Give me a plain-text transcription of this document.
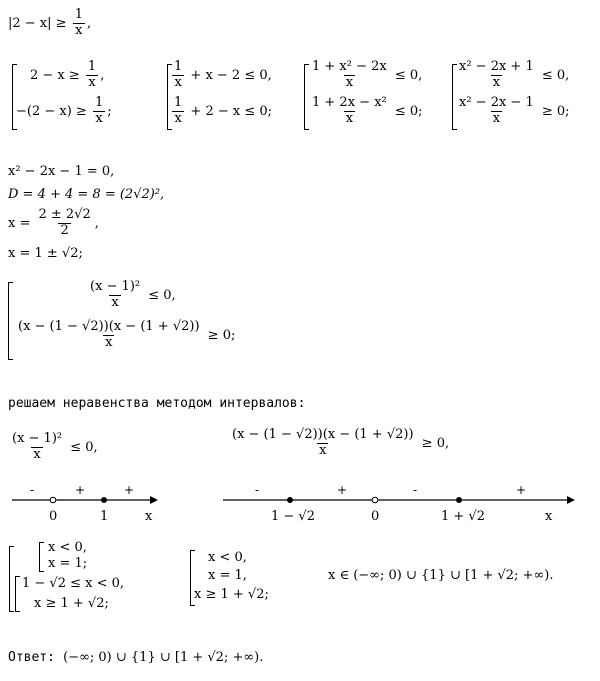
$|2 - x| \ge \frac{1}{x}$ ,
$2 - x \ge \frac{1}{x}$ ,
$-(2 - x) \ge \frac{1}{x}$ ;
$\frac{1}{x} + x - 2 \le 0$,
$\frac{1}{x} + 2 - x \le 0$;
$\frac{\text{1 + x² − 2x}}{x} \le 0$,
$\frac{\text{1 + 2x − x²}}{x} \le 0$;
$\frac{\text{x² − 2x + 1}}{x} \le 0$,
$\frac{\text{x² − 2x − 1}}{x} \ge 0$;
x² − 2x − 1 = 0,
D = 4 + 4 = 8 = (2√2)²,
$x = \frac{2 \pm 2√2}{2}$ ,
x = 1 ± √2;
$\frac{\text{(x − 1)²}}{x} \le 0$,
$\frac{(x - (1 - √2))(x - (1 + √2))}{x} \ge 0$;
решаем неравенства методом интервалов:
$\frac{\text{(x − 1)²}}{x} \le 0$,	$\frac{(x - (1 - √2))(x - (1 + √2))}{x} \ge 0$,
-	+	+
0	1	x
-	+	-	+
1 − √2	0	1 + √2	x
x < 0,
x = 1;
1 − √2 ≤ x < 0,
x ≥ 1 + √2;
x < 0,
x = 1,
x ≥ 1 + √2;
x ∈ (−∞; 0) ∪ {1} ∪ [1 + √2; +∞).
Ответ: (−∞; 0) ∪ {1} ∪ [1 + √2; +∞).
